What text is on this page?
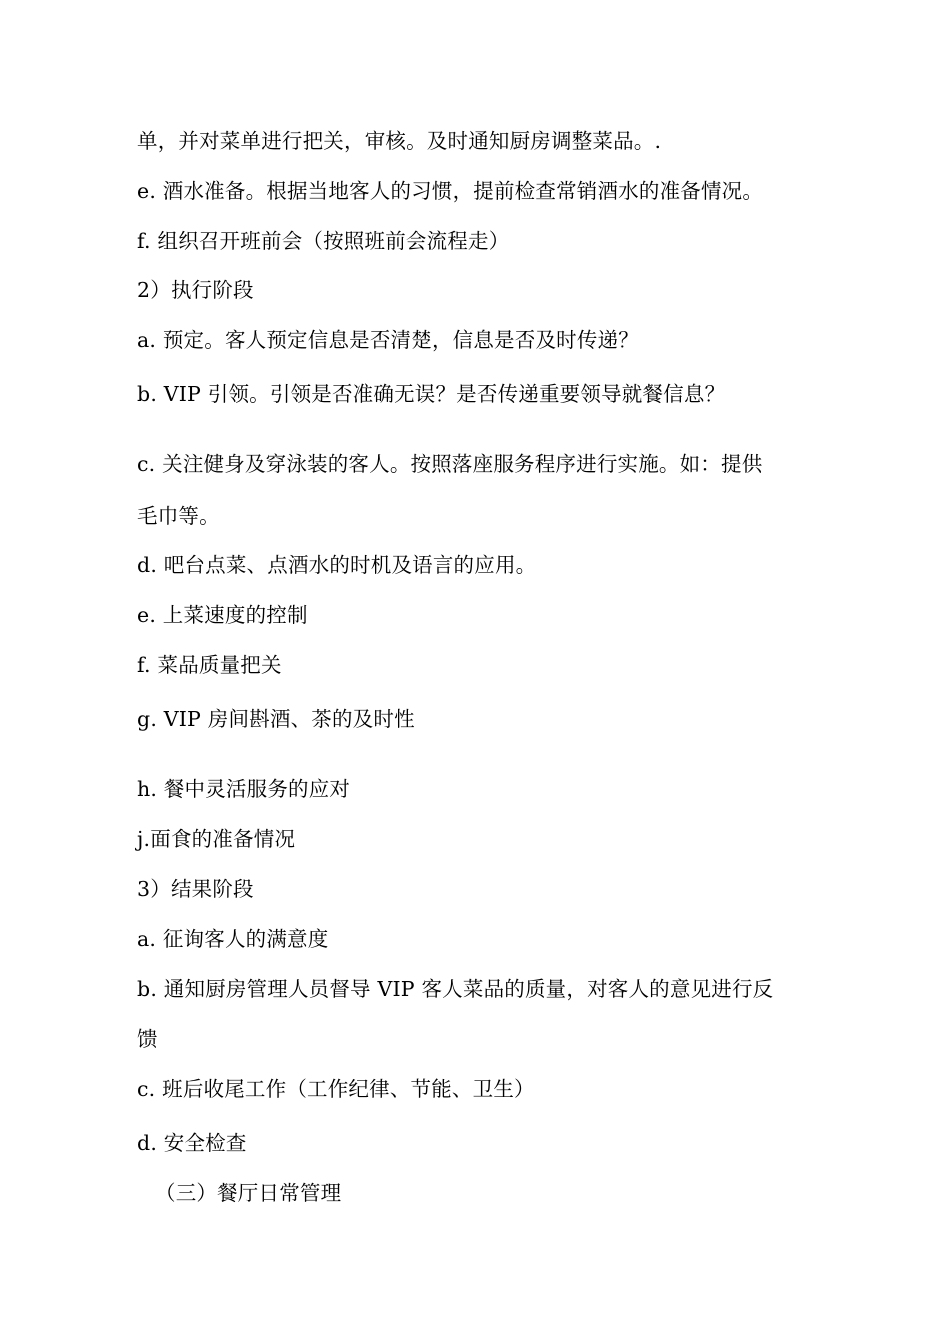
单，并对菜单进行把关，审核。及时通知厨房调整菜品。.
e. 酒水准备。根据当地客人的习惯，提前检查常销酒水的准备情况。
f. 组织召开班前会（按照班前会流程走）
2）执行阶段
a. 预定。客人预定信息是否清楚，信息是否及时传递？
b. VIP 引领。引领是否准确无误？是否传递重要领导就餐信息？
c. 关注健身及穿泳装的客人。按照落座服务程序进行实施。如：提供
毛巾等。
d. 吧台点菜、点酒水的时机及语言的应用。
e. 上菜速度的控制
f. 菜品质量把关
g. VIP 房间斟酒、茶的及时性
h. 餐中灵活服务的应对
j.面食的准备情况
3）结果阶段
a. 征询客人的满意度
b. 通知厨房管理人员督导 VIP 客人菜品的质量，对客人的意见进行反
馈
c. 班后收尾工作（工作纪律、节能、卫生）
d. 安全检查
（三）餐厅日常管理
